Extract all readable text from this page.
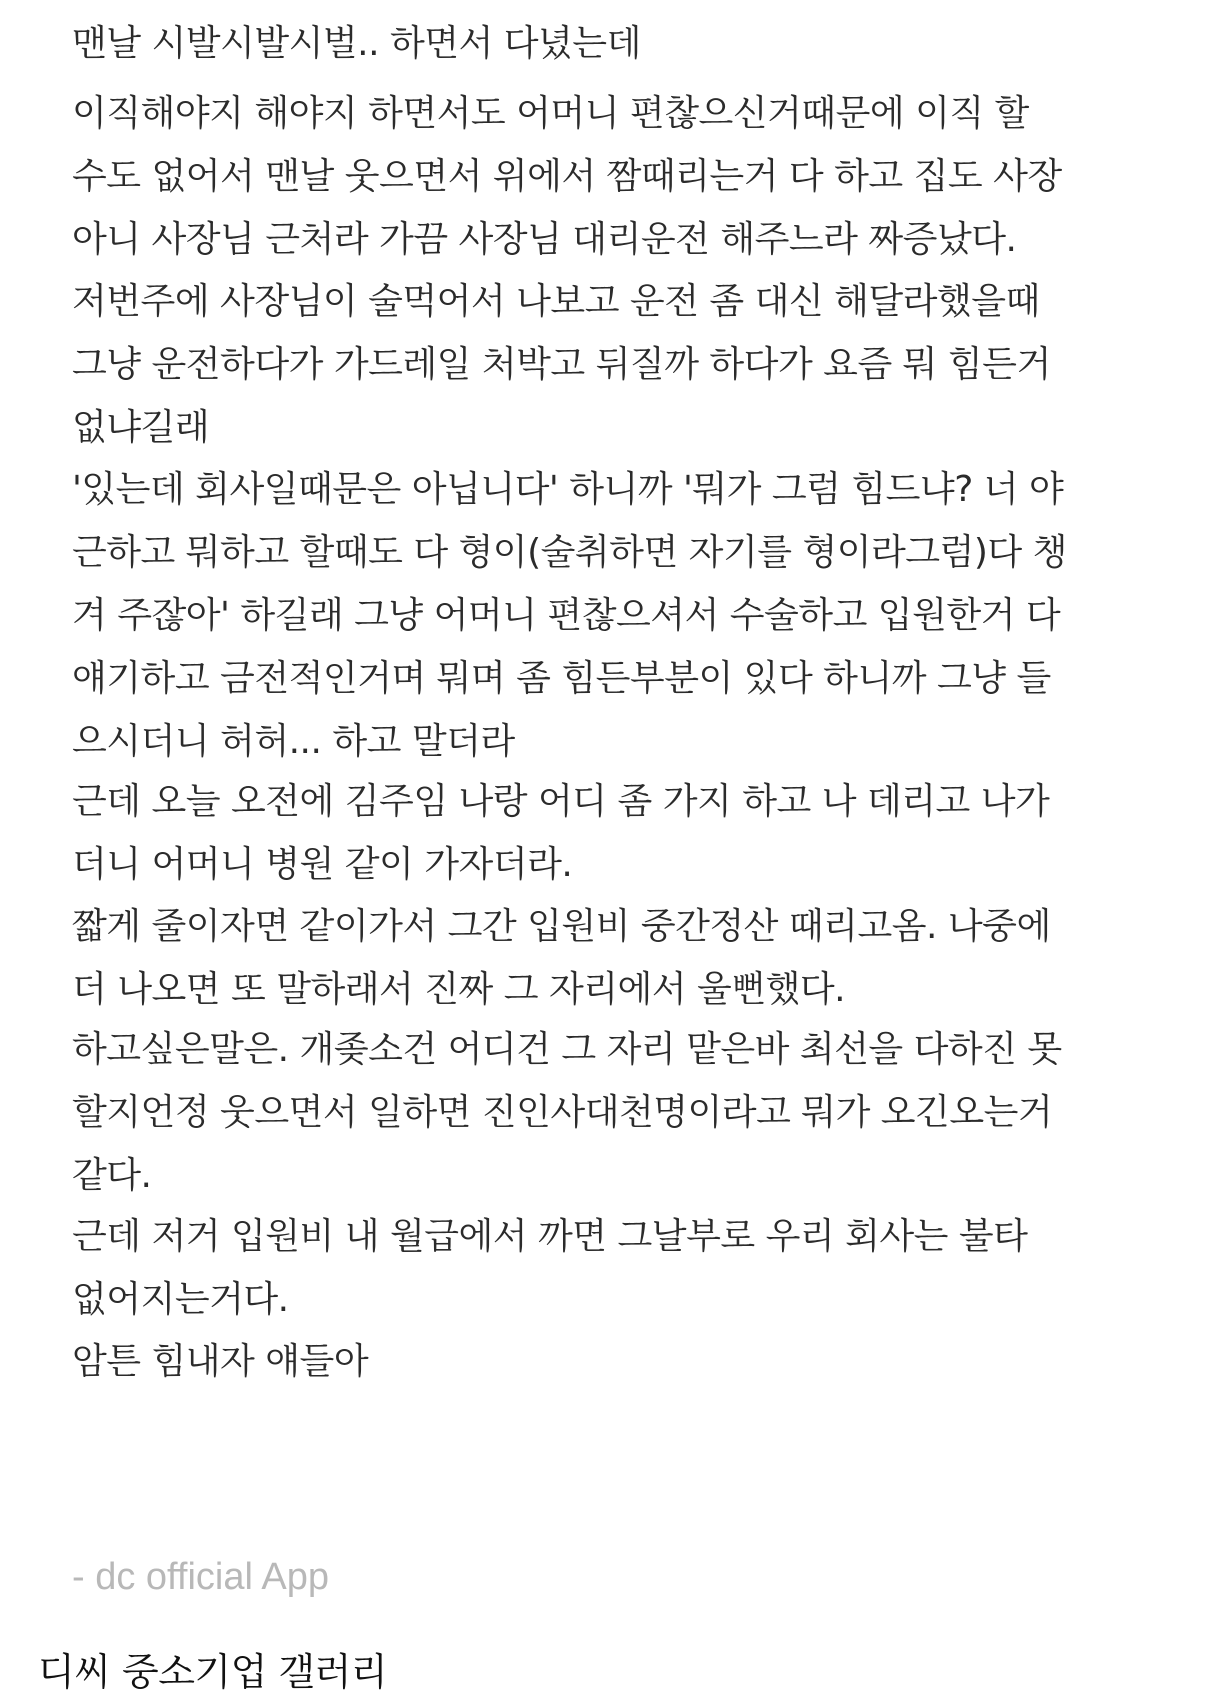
맨날 시발시발시벌.. 하면서 다녔는데

이직해야지 해야지 하면서도 어머니 편찮으신거때문에 이직 할
수도 없어서 맨날 웃으면서 위에서 짬때리는거 다 하고 집도 사장
아니 사장님 근처라 가끔 사장님 대리운전 해주느라 짜증났다.

저번주에 사장님이 술먹어서 나보고 운전 좀 대신 해달라했을때
그냥 운전하다가 가드레일 처박고 뒤질까 하다가 요즘 뭐 힘든거
없냐길래

'있는데 회사일때문은 아닙니다' 하니까 '뭐가 그럼 힘드냐? 너 야
근하고 뭐하고 할때도 다 형이(술취하면 자기를 형이라그럼)다 챙
겨 주잖아' 하길래 그냥 어머니 편찮으셔서 수술하고 입원한거 다
얘기하고 금전적인거며 뭐며 좀 힘든부분이 있다 하니까 그냥 들
으시더니 허허... 하고 말더라

근데 오늘 오전에 김주임 나랑 어디 좀 가지 하고 나 데리고 나가
더니 어머니 병원 같이 가자더라.

짧게 줄이자면 같이가서 그간 입원비 중간정산 때리고옴. 나중에
더 나오면 또 말하래서 진짜 그 자리에서 울뻔했다.

하고싶은말은. 개좆소건 어디건 그 자리 맡은바 최선을 다하진 못
할지언정 웃으면서 일하면 진인사대천명이라고 뭐가 오긴오는거
같다.

근데 저거 입원비 내 월급에서 까면 그날부로 우리 회사는 불타
없어지는거다.

암튼 힘내자 얘들아

- dc official App

디씨 중소기업 갤러리
